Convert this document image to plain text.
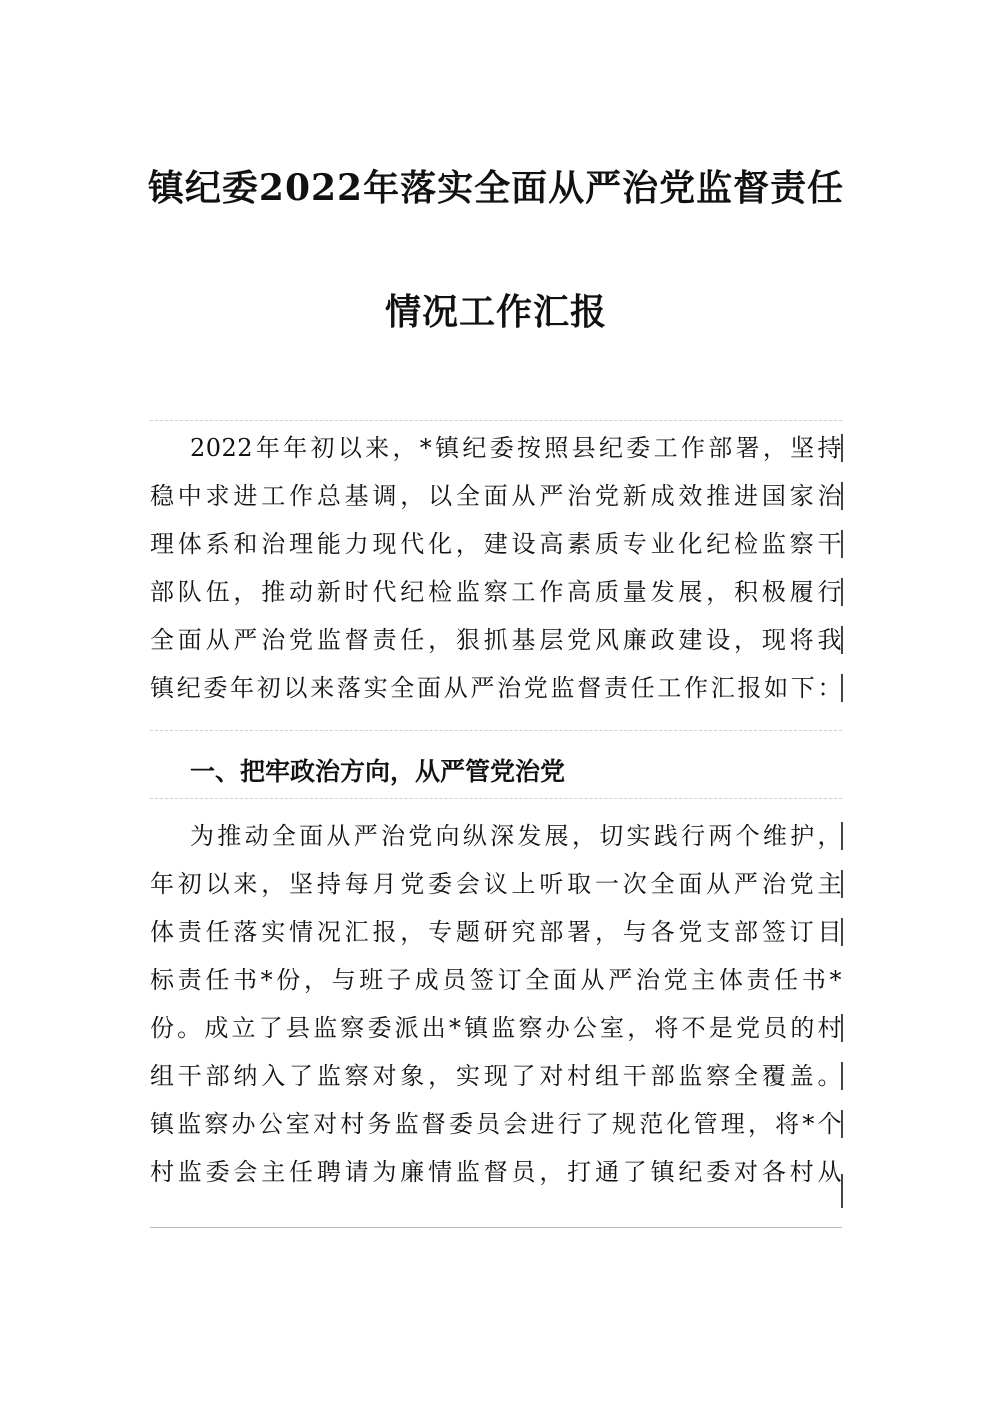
镇纪委2022年落实全面从严治党监督责任
情况工作汇报
2022年年初以来，*镇纪委按照县纪委工作部署，坚持
稳中求进工作总基调，以全面从严治党新成效推进国家治
理体系和治理能力现代化，建设高素质专业化纪检监察干
部队伍，推动新时代纪检监察工作高质量发展，积极履行
全面从严治党监督责任，狠抓基层党风廉政建设，现将我
镇纪委年初以来落实全面从严治党监督责任工作汇报如下：
一、把牢政治方向，从严管党治党
为推动全面从严治党向纵深发展，切实践行两个维护，
年初以来，坚持每月党委会议上听取一次全面从严治党主
体责任落实情况汇报，专题研究部署，与各党支部签订目
标责任书*份，与班子成员签订全面从严治党主体责任书*
份。成立了县监察委派出*镇监察办公室，将不是党员的村
组干部纳入了监察对象，实现了对村组干部监察全覆盖。
镇监察办公室对村务监督委员会进行了规范化管理，将*个
村监委会主任聘请为廉情监督员，打通了镇纪委对各村从
